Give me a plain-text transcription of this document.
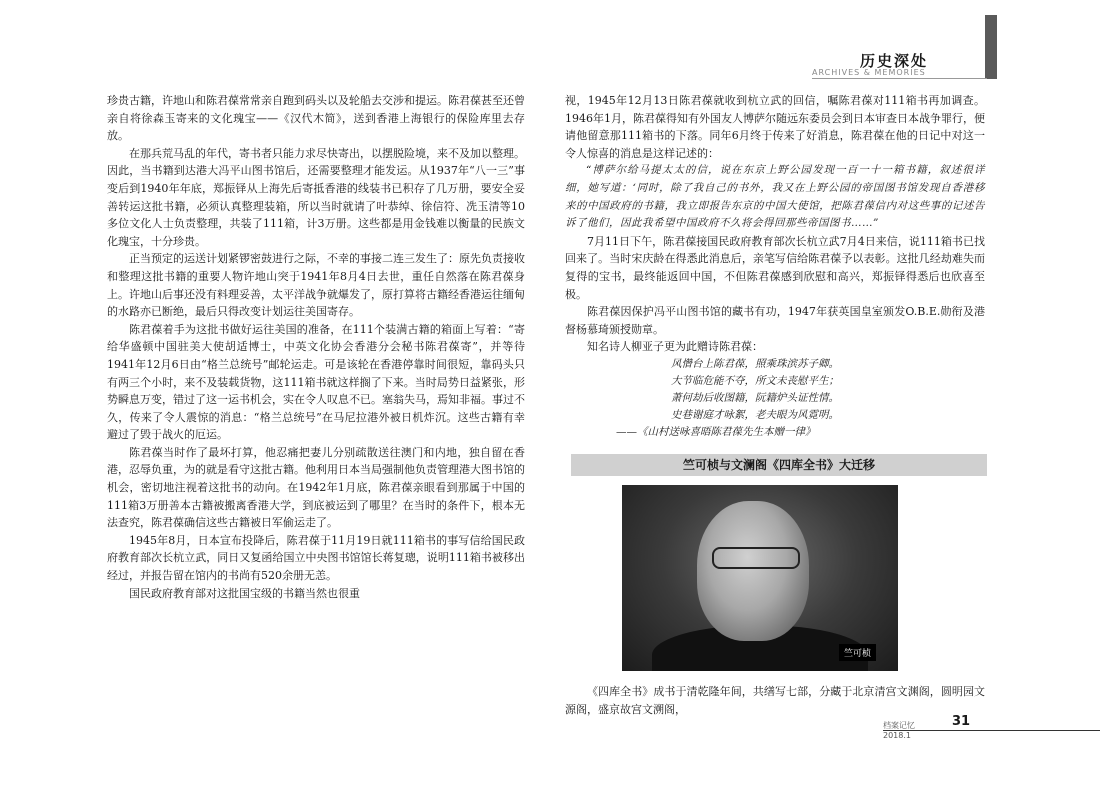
历史深处
ARCHIVES & MEMORIES

珍贵古籍，许地山和陈君葆常常亲自跑到码头以及轮船去交涉和提运。陈君葆甚至还曾亲自将徐森玉寄来的文化瑰宝——《汉代木简》，送到香港上海银行的保险库里去存放。

在那兵荒马乱的年代，寄书者只能力求尽快寄出，以摆脱险境，来不及加以整理。因此，当书籍到达港大冯平山图书馆后，还需要整理才能发运。从1937年“八一三”事变后到1940年年底，郑振铎从上海先后寄抵香港的线装书已积存了几万册，要安全妥善转运这批书籍，必须认真整理装箱，所以当时就请了叶恭绰、徐信符、冼玉清等10多位文化人士负责整理，共装了111箱，计3万册。这些都是用金钱难以衡量的民族文化瑰宝，十分珍贵。

正当预定的运送计划紧锣密鼓进行之际，不幸的事接二连三发生了：原先负责接收和整理这批书籍的重要人物许地山突于1941年8月4日去世，重任自然落在陈君葆身上。许地山后事还没有料理妥善，太平洋战争就爆发了，原打算将古籍经香港运往缅甸的水路亦已断绝，最后只得改变计划运往美国寄存。

陈君葆着手为这批书做好运往美国的准备，在111个装满古籍的箱面上写着：“寄给华盛顿中国驻美大使胡适博士，中英文化协会香港分会秘书陈君葆寄”，并等待1941年12月6日由“格兰总统号”邮轮运走。可是该轮在香港停靠时间很短，靠码头只有两三个小时，来不及装载货物，这111箱书就这样搁了下来。当时局势日益紧张，形势瞬息万变，错过了这一运书机会，实在令人叹息不已。塞翁失马，焉知非福。事过不久，传来了令人震惊的消息：“格兰总统号”在马尼拉港外被日机炸沉。这些古籍有幸避过了毁于战火的厄运。

陈君葆当时作了最坏打算，他忍痛把妻儿分别疏散送往澳门和内地，独自留在香港，忍辱负重，为的就是看守这批古籍。他利用日本当局强制他负责管理港大图书馆的机会，密切地注视着这批书的动向。在1942年1月底，陈君葆亲眼看到那属于中国的111箱3万册善本古籍被搬离香港大学，到底被运到了哪里？在当时的条件下，根本无法查究，陈君葆确信这些古籍被日军偷运走了。

1945年8月，日本宣布投降后，陈君葆于11月19日就111箱书的事写信给国民政府教育部次长杭立武，同日又复函给国立中央图书馆馆长蒋复璁，说明111箱书被移出经过，并报告留在馆内的书尚有520余册无恙。

国民政府教育部对这批国宝级的书籍当然也很重

视，1945年12月13日陈君葆就收到杭立武的回信，嘱陈君葆对111箱书再加调查。1946年1月，陈君葆得知有外国友人博萨尔随远东委员会到日本审查日本战争罪行，便请他留意那111箱书的下落。同年6月终于传来了好消息，陈君葆在他的日记中对这一令人惊喜的消息是这样记述的：

“博萨尔给马提太太的信，说在东京上野公园发现一百一十一箱书籍，叙述很详细，她写道：‘同时，除了我自己的书外，我又在上野公园的帝国图书馆发现自香港移来的中国政府的书籍，我立即报告东京的中国大使馆，把陈君葆信内对这些事的记述告诉了他们，因此我希望中国政府不久将会得回那些帝国图书……”

7月11日下午，陈君葆接国民政府教育部次长杭立武7月4日来信，说111箱书已找回来了。当时宋庆龄在得悉此消息后，亲笔写信给陈君葆予以表彰。这批几经劫难失而复得的宝书，最终能返回中国，不但陈君葆感到欣慰和高兴，郑振铎得悉后也欣喜至极。

陈君葆因保护冯平山图书馆的藏书有功，1947年获英国皇室颁发O.B.E.勋衔及港督杨慕琦颁授勋章。

知名诗人柳亚子更为此赠诗陈君葆：

风㦧台上陈君葆，照乘珠滨苏子卿。

大节临危能不夺，所文未丧慰平生；

萧何劫后收图籍，阮籍炉头证性情。

史巷谢庭才咏絮，老夫眼为风霓明。

——《山村送咏喜晤陈君葆先生本赠一律》

竺可桢与文澜阁《四库全书》大迁移
竺可桢

《四库全书》成书于清乾隆年间，共缮写七部，分藏于北京清宫文渊阁，圆明园文源阁，盛京故宫文溯阁，

档案记忆	31
2018.1
